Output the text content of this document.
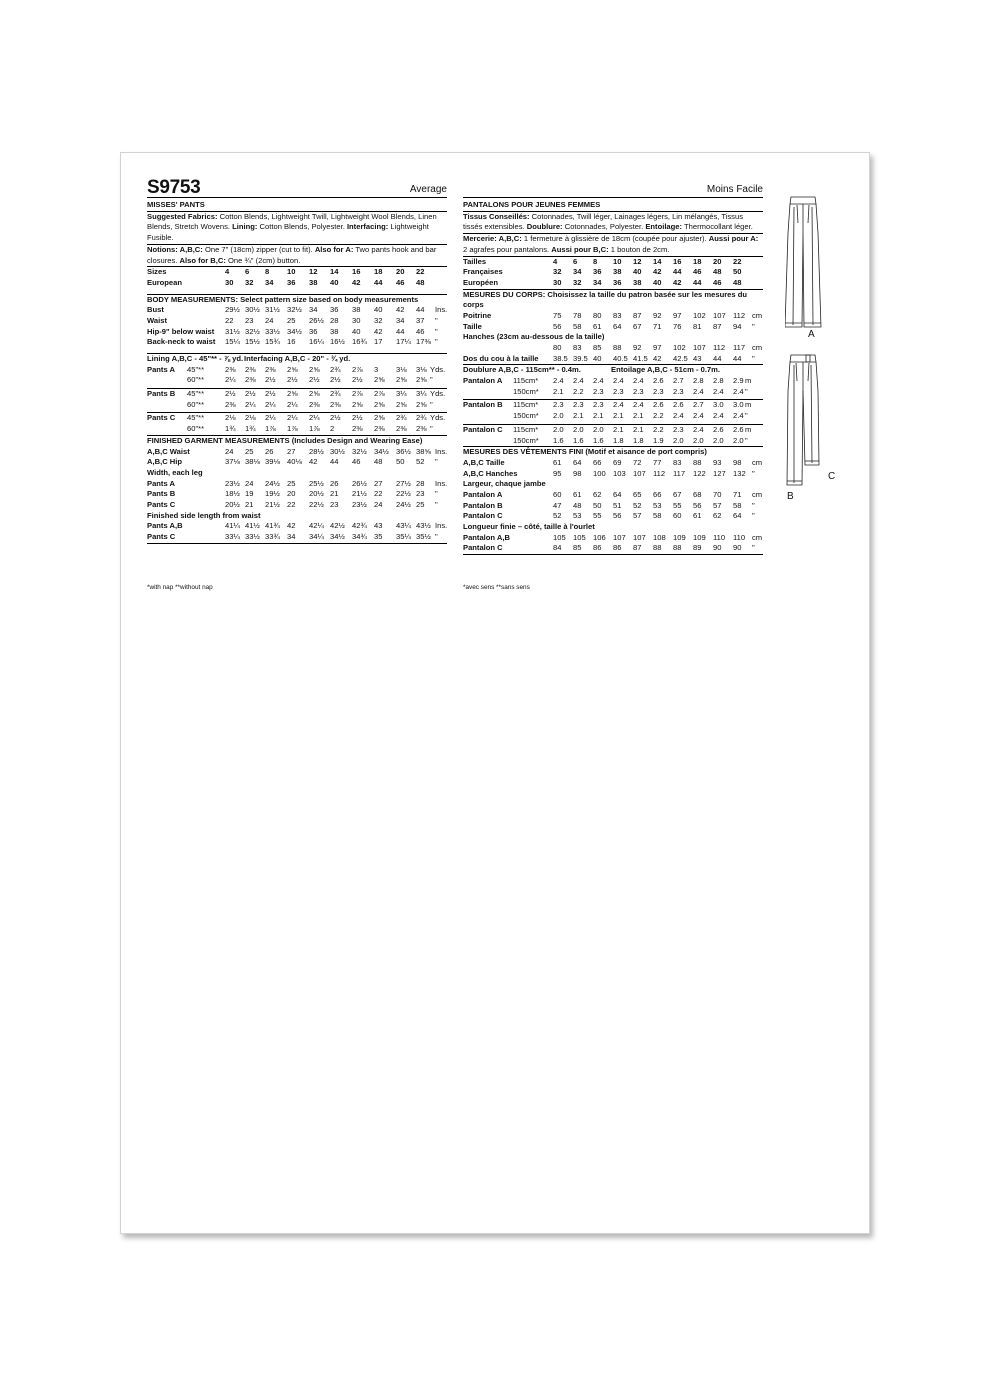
S9753	Average
MISSES' PANTS
Suggested Fabrics: Cotton Blends, Lightweight Twill, Lightweight Wool Blends, Linen Blends, Stretch Wovens. Lining: Cotton Blends, Polyester. Interfacing: Lightweight Fusible.
Notions: A,B,C: One 7" (18cm) zipper (cut to fit). Also for A: Two pants hook and bar closures. Also for B,C: One ¾" (2cm) button.
Sizes	4 6 8 10 12 14 16 18 20 22
European	30 32 34 36 38 40 42 44 46 48
BODY MEASUREMENTS: Select pattern size based on body measurements
Bust	29½ 30½ 31½ 32½ 34 36 38 40 42 44 Ins.
Waist	22 23 24 25 26½ 28 30 32 34 37 "
Hip-9" below waist 31½ 32½ 33½ 34½ 36 38 40 42 44 46 "
Back-neck to waist 15¼ 15½ 15¾ 16 16¼ 16½ 16¾ 17 17¼ 17⅜ "
Lining A,B,C - 45"** - ⅞ yd. Interfacing A,B,C - 20" - ¾ yd.
Pants A 45"**	2⅜ 2⅜ 2⅜ 2⅝ 2⅝ 2¾ 2⅞ 3 3⅛ 3⅛ Yds.
60"**	2¼ 2⅜ 2½ 2½ 2½ 2½ 2½ 2⅝ 2⅝ 2⅝ "
Pants B 45"**	2½ 2½ 2½ 2⅝ 2⅝ 2¾ 2⅞ 2⅞ 3¼ 3¼ Yds.
60"**	2⅜ 2¼ 2¼ 2¼ 2⅜ 2⅜ 2⅝ 2⅝ 2⅝ 2⅝ "
Pants C 45"**	2⅛ 2⅛ 2¼ 2¼ 2¼ 2½ 2½ 2⅝ 2¾ 2¾ Yds.
60"**	1¾ 1¾ 1⅞ 1⅞ 1⅞ 2 2⅜ 2⅜ 2⅜ 2⅜ "
FINISHED GARMENT MEASUREMENTS (Includes Design and Wearing Ease)
A,B,C Waist	24 25 26 27 28½ 30½ 32½ 34½ 36½ 38⅝ Ins.
A,B,C Hip	37⅛ 38⅛ 39⅛ 40⅛ 42 44 46 48 50 52 "
Width, each leg
Pants A	23½ 24 24½ 25 25½ 26 26½ 27 27½ 28 Ins.
Pants B	18½ 19 19½ 20 20½ 21 21½ 22 22½ 23 "
Pants C	20½ 21 21½ 22 22½ 23 23½ 24 24½ 25 "
Finished side length from waist
Pants A,B	41¼ 41½ 41¾ 42 42¼ 42½ 42¾ 43 43¼ 43½ Ins.
Pants C	33¼ 33½ 33¾ 34 34¼ 34½ 34¾ 35 35¼ 35½ "
*with nap **without nap
Moins Facile
PANTALONS POUR JEUNES FEMMES
Tissus Conseillés: Cotonnades, Twill léger, Lainages légers, Lin mélangés, Tissus tissés extensibles. Doublure: Cotonnades, Polyester. Entoilage: Thermocollant léger.
Mercerie: A,B,C: 1 fermeture à glissière de 18cm (coupée pour ajuster). Aussi pour A: 2 agrafes pour pantalons. Aussi pour B,C: 1 bouton de 2cm.
Tailles	4 6 8 10 12 14 16 18 20 22
Françaises	32 34 36 38 40 42 44 46 48 50
Européen	30 32 34 36 38 40 42 44 46 48
MESURES DU CORPS: Choisissez la taille du patron basée sur les mesures du corps
Poitrine	75 78 80 83 87 92 97 102 107 112 cm
Taille	56 58 61 64 67 71 76 81 87 94 "
Hanches (23cm au-dessous de la taille)
80 83 85 88 92 97 102 107 112 117 cm
Dos du cou à la taille 38.5 39.5 40 40.5 41.5 42 42.5 43 44 44 "
Doublure A,B,C - 115cm** - 0.4m.	Entoilage A,B,C - 51cm - 0.7m.
Pantalon A 115cm* 2.4 2.4 2.4 2.4 2.4 2.6 2.7 2.8 2.8 2.9 m
150cm* 2.1 2.2 2.3 2.3 2.3 2.3 2.3 2.4 2.4 2.4 "
Pantalon B 115cm* 2.3 2.3 2.3 2.4 2.4 2.6 2.6 2.7 3.0 3.0 m
150cm* 2.0 2.1 2.1 2.1 2.1 2.2 2.4 2.4 2.4 2.4 "
Pantalon C 115cm* 2.0 2.0 2.0 2.1 2.1 2.2 2.3 2.4 2.6 2.6 m
150cm* 1.6 1.6 1.6 1.8 1.8 1.9 2.0 2.0 2.0 2.0 "
MESURES DES VÊTEMENTS FINI (Motif et aisance de port compris)
A,B,C Taille	61 64 66 69 72 77 83 88 93 98 cm
A,B,C Hanches	95 98 100 103 107 112 117 122 127 132 "
Largeur, chaque jambe
Pantalon A	60 61 62 64 65 66 67 68 70 71 cm
Pantalon B	47 48 50 51 52 53 55 56 57 58 "
Pantalon C	52 53 55 56 57 58 60 61 62 64 "
Longueur finie – côté, taille à l'ourlet
Pantalon A,B	105 105 106 107 107 108 109 109 110 110 cm
Pantalon C	84 85 86 86 87 88 88 89 90 90 "
*avec sens **sans sens
A
B
C
